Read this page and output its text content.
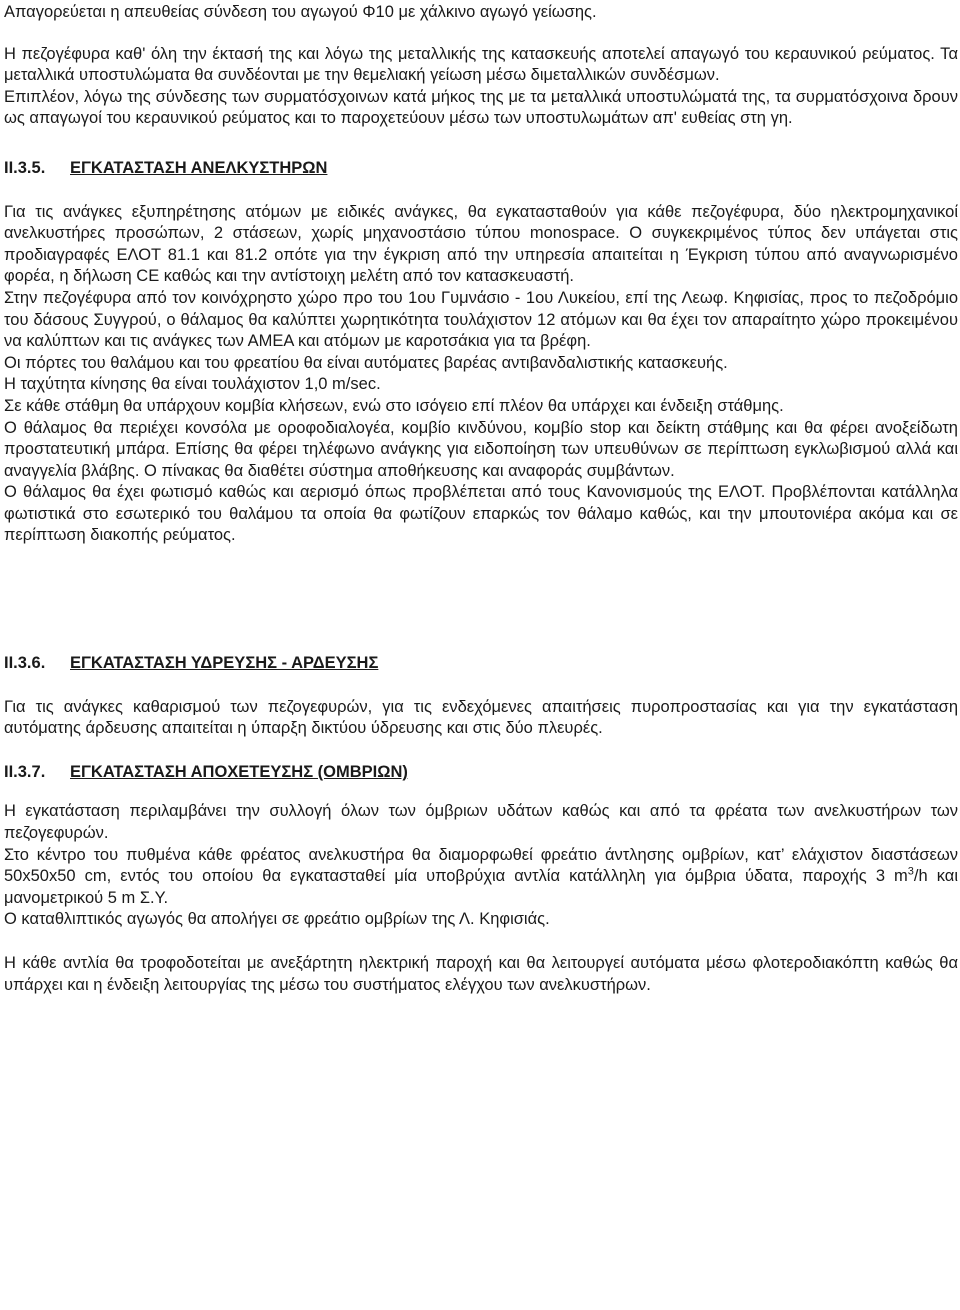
Απαγορεύεται η απευθείας σύνδεση του αγωγού Φ10 με χάλκινο αγωγό γείωσης.

Η πεζογέφυρα καθ' όλη την έκτασή της και λόγω της μεταλλικής της κατασκευής αποτελεί απαγωγό του κεραυνικού ρεύματος. Τα μεταλλικά υποστυλώματα θα συνδέονται με την θεμελιακή γείωση μέσω διμεταλλικών συνδέσμων.

Επιπλέον, λόγω της σύνδεσης των συρματόσχοινων κατά μήκος της με τα μεταλλικά υποστυλώματά της, τα συρματόσχοινα δρουν ως απαγωγοί του κεραυνικού ρεύματος και το παροχετεύουν μέσω των υποστυλωμάτων απ' ευθείας στη γη.

ΙΙ.3.5.	ΕΓΚΑΤΑΣΤΑΣΗ ΑΝΕΛΚΥΣΤΗΡΩΝ

Για τις ανάγκες εξυπηρέτησης ατόμων με ειδικές ανάγκες, θα εγκατασταθούν για κάθε πεζογέφυρα, δύο ηλεκτρομηχανικοί ανελκυστήρες προσώπων, 2 στάσεων, χωρίς μηχανοστάσιο τύπου monospace. Ο συγκεκριμένος τύπος δεν υπάγεται στις προδιαγραφές ΕΛΟΤ 81.1 και 81.2 οπότε για την έγκριση από την υπηρεσία απαιτείται η Έγκριση τύπου από αναγνωρισμένο φορέα, η δήλωση CE καθώς και την αντίστοιχη μελέτη από τον κατασκευαστή.

Στην πεζογέφυρα από τον κοινόχρηστο χώρο προ του 1ου Γυμνάσιο - 1ου Λυκείου, επί της Λεωφ. Κηφισίας, προς το πεζοδρόμιο του δάσους Συγγρού, ο θάλαμος θα καλύπτει χωρητικότητα τουλάχιστον 12 ατόμων και θα έχει τον απαραίτητο χώρο προκειμένου να καλύπτων και τις ανάγκες των ΑΜΕΑ και ατόμων με καροτσάκια για τα βρέφη.

Οι πόρτες του θαλάμου και του φρεατίου θα είναι αυτόματες βαρέας αντιβανδαλιστικής κατασκευής.

Η ταχύτητα κίνησης θα είναι τουλάχιστον 1,0 m/sec.

Σε κάθε στάθμη θα υπάρχουν κομβία κλήσεων, ενώ στο ισόγειο επί πλέον θα υπάρχει και ένδειξη στάθμης.

Ο θάλαμος θα περιέχει κονσόλα με οροφοδιαλογέα, κομβίο κινδύνου, κομβίο stop και δείκτη στάθμης και θα φέρει ανοξείδωτη προστατευτική μπάρα. Επίσης θα φέρει τηλέφωνο ανάγκης για ειδοποίηση των υπευθύνων σε περίπτωση εγκλωβισμού αλλά και αναγγελία βλάβης. Ο πίνακας θα διαθέτει σύστημα αποθήκευσης και αναφοράς συμβάντων.

Ο θάλαμος θα έχει φωτισμό καθώς και αερισμό όπως προβλέπεται από τους Κανονισμούς της ΕΛΟΤ. Προβλέπονται κατάλληλα φωτιστικά στο εσωτερικό του θαλάμου τα οποία θα φωτίζουν επαρκώς τον θάλαμο καθώς, και την μπουτονιέρα ακόμα και σε περίπτωση διακοπής ρεύματος.

ΙΙ.3.6.	ΕΓΚΑΤΑΣΤΑΣΗ ΥΔΡΕΥΣΗΣ - ΑΡΔΕΥΣΗΣ

Για τις ανάγκες καθαρισμού των πεζογεφυρών, για τις ενδεχόμενες απαιτήσεις πυροπροστασίας και για την εγκατάσταση αυτόματης άρδευσης απαιτείται η ύπαρξη δικτύου ύδρευσης και στις δύο πλευρές.

ΙΙ.3.7.	ΕΓΚΑΤΑΣΤΑΣΗ ΑΠΟΧΕΤΕΥΣΗΣ (ΟΜΒΡΙΩΝ)

Η εγκατάσταση περιλαμβάνει την συλλογή όλων των όμβριων υδάτων καθώς και από τα φρέατα των ανελκυστήρων των πεζογεφυρών.

Στο κέντρο του πυθμένα κάθε φρέατος ανελκυστήρα θα διαμορφωθεί φρεάτιο άντλησης ομβρίων, κατ’ ελάχιστον διαστάσεων 50x50x50 cm, εντός του οποίου θα εγκατασταθεί μία υποβρύχια αντλία κατάλληλη για όμβρια ύδατα, παροχής 3 $m^3/h$ και μανομετρικού 5 m Σ.Υ.

Ο καταθλιπτικός αγωγός θα απολήγει σε φρεάτιο ομβρίων της Λ. Κηφισιάς.

Η κάθε αντλία θα τροφοδοτείται με ανεξάρτητη ηλεκτρική παροχή και θα λειτουργεί αυτόματα μέσω φλοτεροδιακόπτη καθώς θα υπάρχει και η ένδειξη λειτουργίας της μέσω του συστήματος ελέγχου των ανελκυστήρων.
